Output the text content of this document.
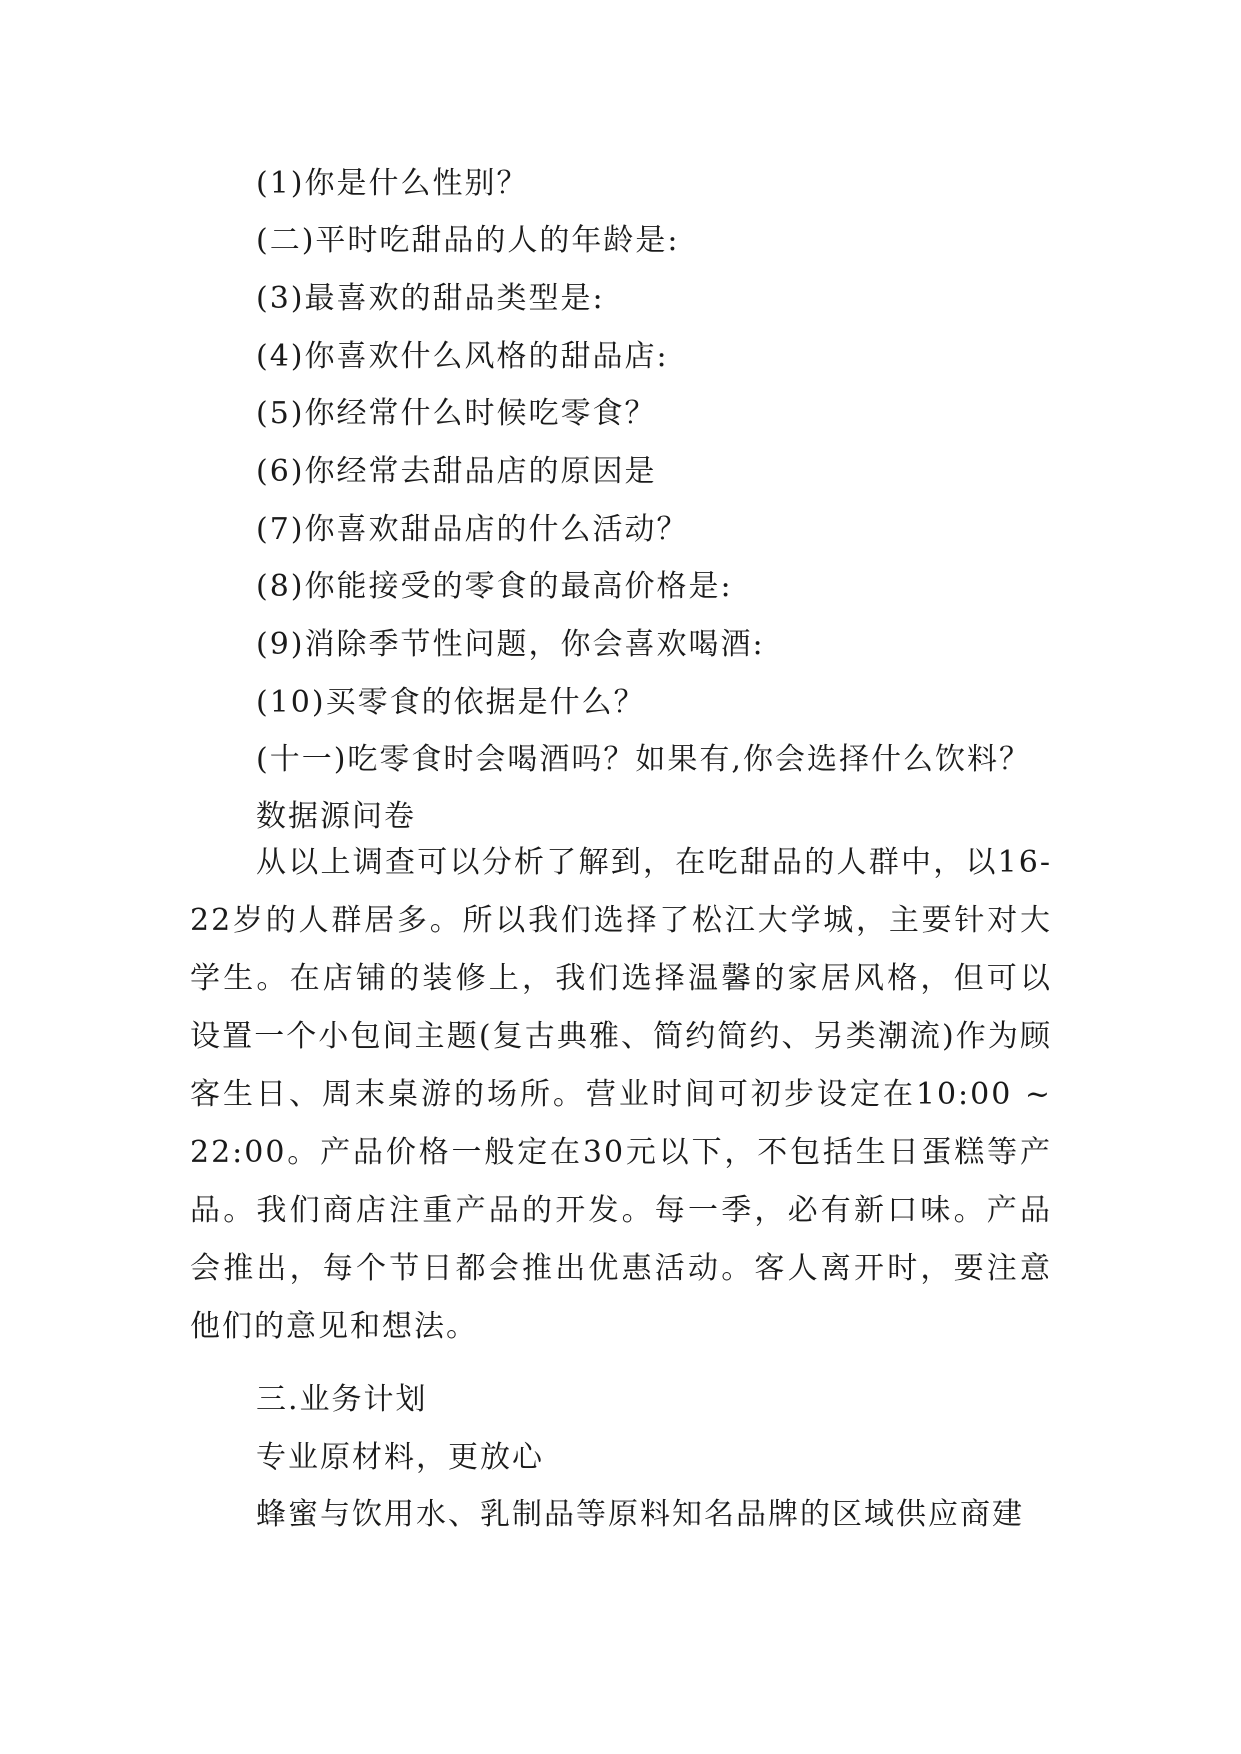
(1)你是什么性别？
(二)平时吃甜品的人的年龄是:
(3)最喜欢的甜品类型是:
(4)你喜欢什么风格的甜品店:
(5)你经常什么时候吃零食？
(6)你经常去甜品店的原因是
(7)你喜欢甜品店的什么活动？
(8)你能接受的零食的最高价格是:
(9)消除季节性问题，你会喜欢喝酒:
(10)买零食的依据是什么？
(十一)吃零食时会喝酒吗？如果有,你会选择什么饮料？
数据源问卷

从以上调查可以分析了解到，在吃甜品的人群中，以16-22岁的人群居多。所以我们选择了松江大学城，主要针对大学生。在店铺的装修上，我们选择温馨的家居风格，但可以设置一个小包间主题(复古典雅、简约简约、另类潮流)作为顾客生日、周末桌游的场所。营业时间可初步设定在10:00 ~ 22:00。产品价格一般定在30元以下，不包括生日蛋糕等产品。我们商店注重产品的开发。每一季，必有新口味。产品会推出，每个节日都会推出优惠活动。客人离开时，要注意他们的意见和想法。

三.业务计划
专业原材料，更放心
蜂蜜与饮用水、乳制品等原料知名品牌的区域供应商建
